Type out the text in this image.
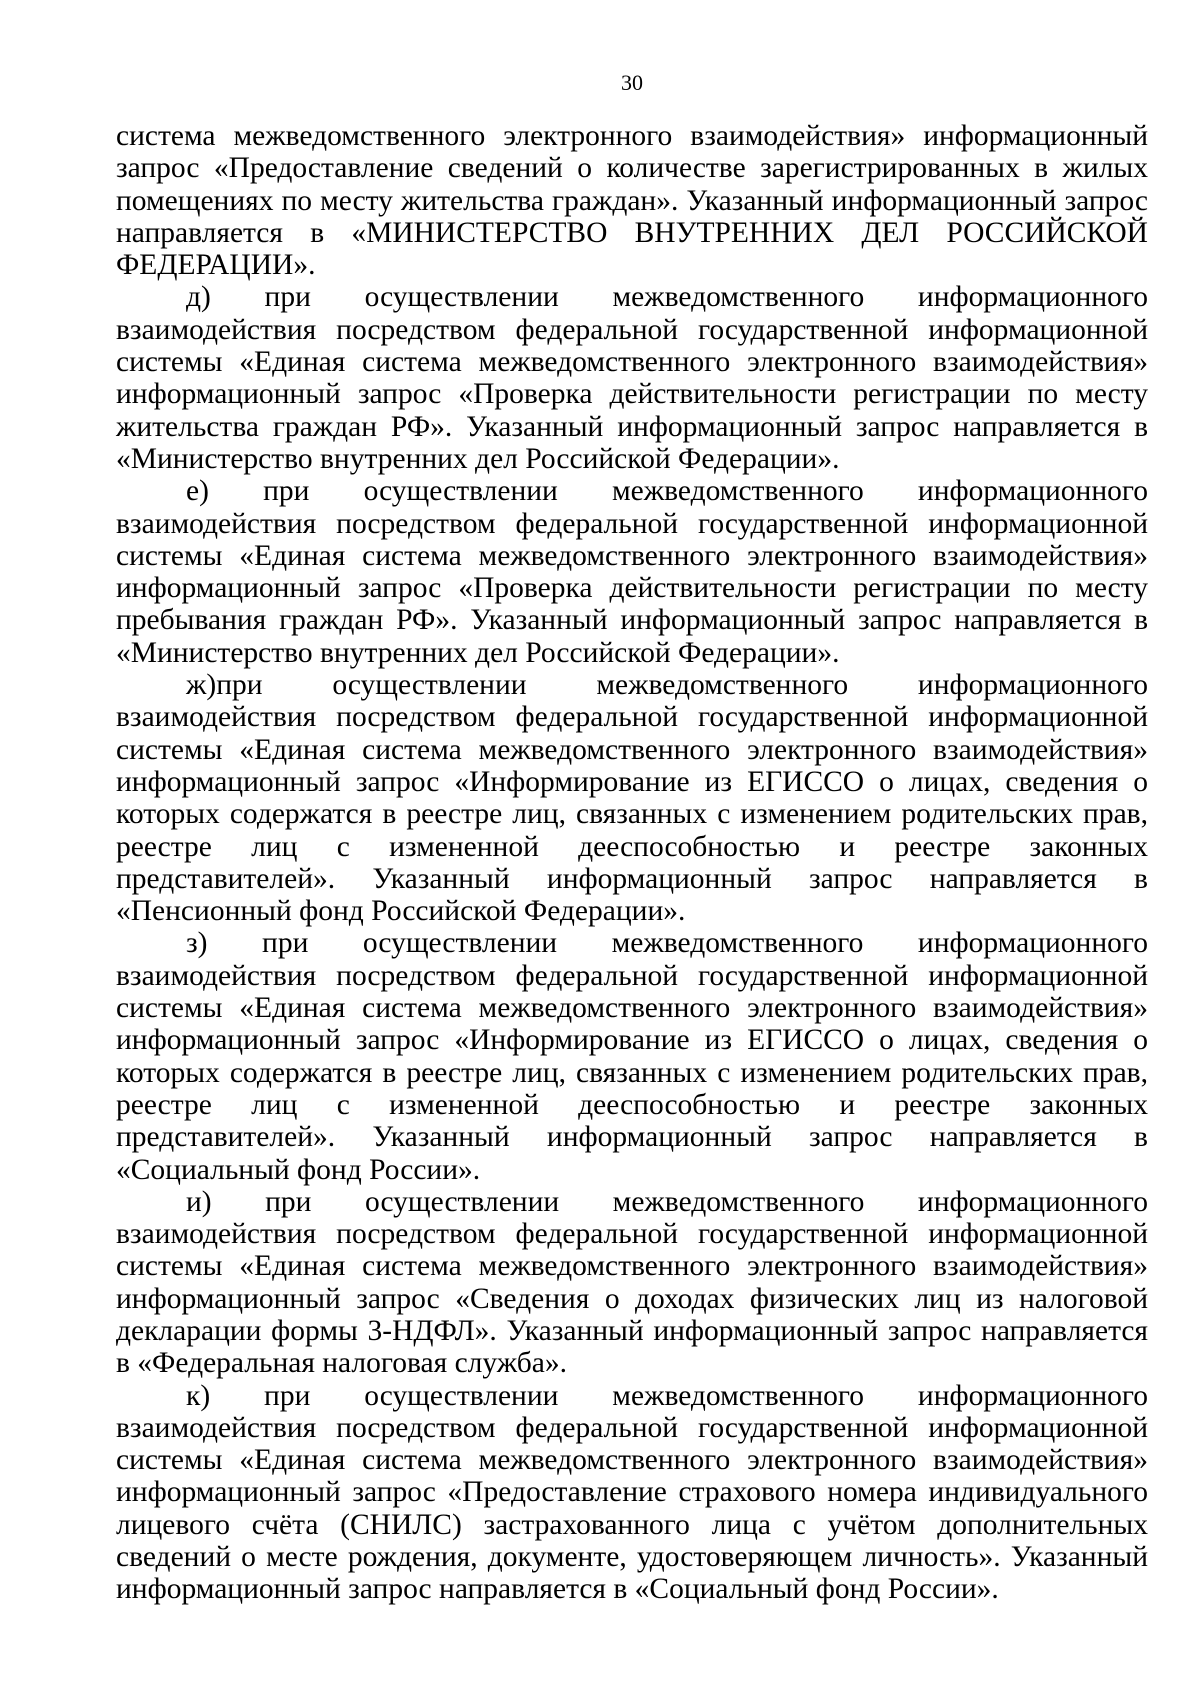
30

система межведомственного электронного взаимодействия» информационный запрос «Предоставление сведений о количестве зарегистрированных в жилых помещениях по месту жительства граждан». Указанный информационный запрос направляется в «МИНИСТЕРСТВО ВНУТРЕННИХ ДЕЛ РОССИЙСКОЙ ФЕДЕРАЦИИ».

д) при осуществлении межведомственного информационного взаимодействия посредством федеральной государственной информационной системы «Единая система межведомственного электронного взаимодействия» информационный запрос «Проверка действительности регистрации по месту жительства граждан РФ». Указанный информационный запрос направляется в «Министерство внутренних дел Российской Федерации».

е) при осуществлении межведомственного информационного взаимодействия посредством федеральной государственной информационной системы «Единая система межведомственного электронного взаимодействия» информационный запрос «Проверка действительности регистрации по месту пребывания граждан РФ». Указанный информационный запрос направляется в «Министерство внутренних дел Российской Федерации».

ж)при осуществлении межведомственного информационного взаимодействия посредством федеральной государственной информационной системы «Единая система межведомственного электронного взаимодействия» информационный запрос «Информирование из ЕГИССО о лицах, сведения о которых содержатся в реестре лиц, связанных с изменением родительских прав, реестре лиц с измененной дееспособностью и реестре законных представителей». Указанный информационный запрос направляется в «Пенсионный фонд Российской Федерации».

з) при осуществлении межведомственного информационного взаимодействия посредством федеральной государственной информационной системы «Единая система межведомственного электронного взаимодействия» информационный запрос «Информирование из ЕГИССО о лицах, сведения о которых содержатся в реестре лиц, связанных с изменением родительских прав, реестре лиц с измененной дееспособностью и реестре законных представителей». Указанный информационный запрос направляется в «Социальный фонд России».

и) при осуществлении межведомственного информационного взаимодействия посредством федеральной государственной информационной системы «Единая система межведомственного электронного взаимодействия» информационный запрос «Сведения о доходах физических лиц из налоговой декларации формы 3-НДФЛ». Указанный информационный запрос направляется в «Федеральная налоговая служба».

к) при осуществлении межведомственного информационного взаимодействия посредством федеральной государственной информационной системы «Единая система межведомственного электронного взаимодействия» информационный запрос «Предоставление страхового номера индивидуального лицевого счёта (СНИЛС) застрахованного лица с учётом дополнительных сведений о месте рождения, документе, удостоверяющем личность». Указанный информационный запрос направляется в «Социальный фонд России».
